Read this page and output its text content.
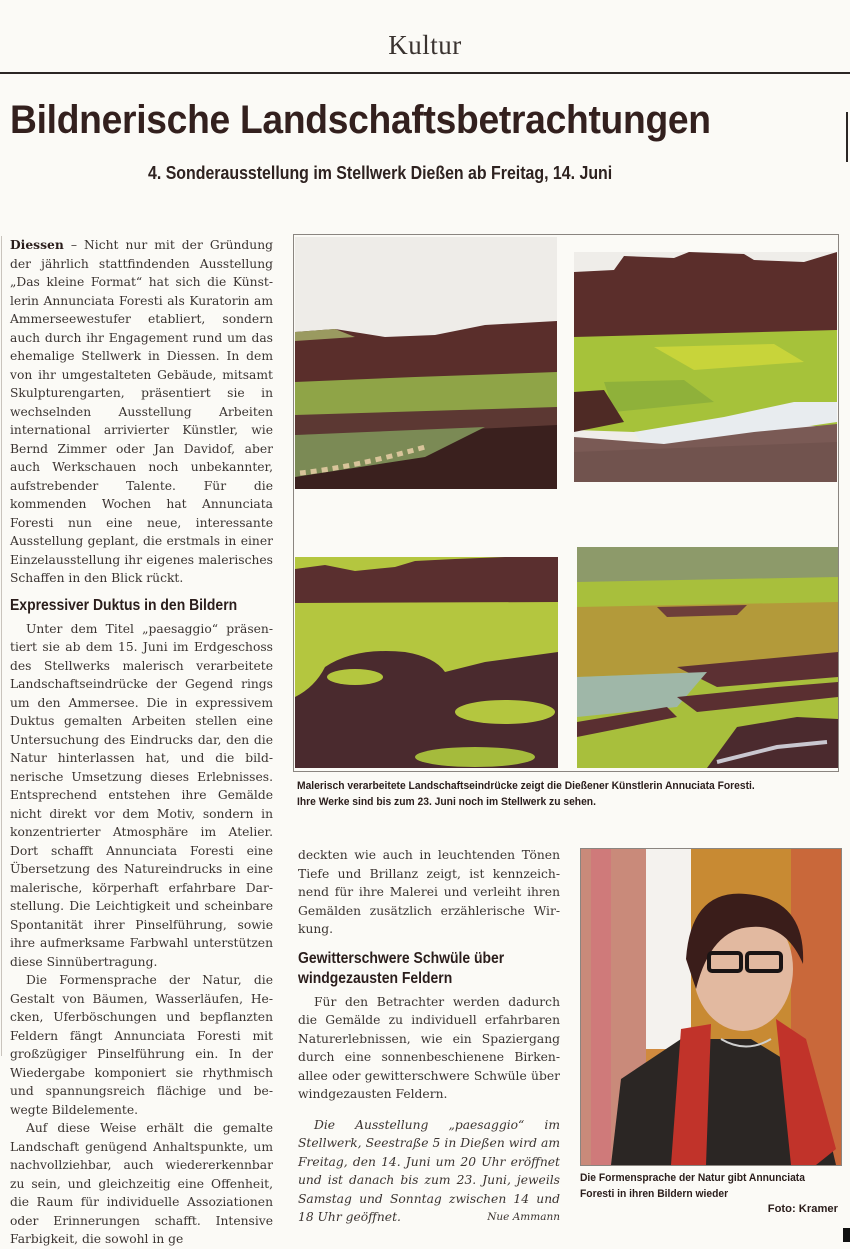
Kultur
Bildnerische Landschaftsbetrachtungen
4. Sonderausstellung im Stellwerk Dießen ab Freitag, 14. Juni

Diessen – Nicht nur mit der Gründung der jährlich stattfindenden Ausstellung „Das kleine Format“ hat sich die Künstlerin Annunciata Foresti als Kuratorin am Ammerseewestufer etabliert, sondern auch durch ihr Engagement rund um das ehemalige Stellwerk in Diessen. In dem von ihr umgestalteten Gebäude, mitsamt Skulpturengarten, präsentiert sie in wechselnden Ausstellung Arbeiten international arrivierter Künstler, wie Bernd Zimmer oder Jan Davidof, aber auch Werkschauen noch unbekannter, aufstrebender Talente. Für die kommenden Wochen hat Annunciata Foresti nun eine neue, interessante Ausstellung geplant, die erstmals in einer Einzelausstellung ihr eigenes malerisches Schaffen in den Blick rückt.

Expressiver Duktus in den Bildern

Unter dem Titel „paesaggio“ präsentiert sie ab dem 15. Juni im Erdgeschoss des Stellwerks malerisch verarbeitete Landschaftseindrücke der Gegend rings um den Ammersee. Die in expressivem Duktus gemalten Arbeiten stellen eine Untersuchung des Eindrucks dar, den die Natur hinterlassen hat, und die bildnerische Umsetzung dieses Erlebnisses. Entsprechend entstehen ihre Gemälde nicht direkt vor dem Motiv, sondern in konzentrierter Atmosphäre im Atelier. Dort schafft Annunciata Foresti eine Übersetzung des Natureindrucks in eine malerische, körperhaft erfahrbare Darstellung. Die Leichtigkeit und scheinbare Spontanität ihrer Pinselführung, sowie ihre aufmerksame Farbwahl unterstützen diese Sinnübertragung.

Die Formensprache der Natur, die Gestalt von Bäumen, Wasserläufen, Hecken, Uferböschungen und bepflanzten Feldern fängt Annunciata Foresti mit großzügiger Pinselführung ein. In der Wiedergabe komponiert sie rhythmisch und spannungsreich flächige und bewegte Bildelemente.

Auf diese Weise erhält die gemalte Landschaft genügend Anhaltspunkte, um nachvollziehbar, auch wiedererkennbar zu sein, und gleichzeitig eine Offenheit, die Raum für individuelle Assoziationen oder Erinnerungen schafft. Intensive Farbigkeit, die sowohl in ge

Malerisch verarbeitete Landschaftseindrücke zeigt die Dießener Künstlerin Annuciata Foresti.
Ihre Werke sind bis zum 23. Juni noch im Stellwerk zu sehen.

deckten wie auch in leuchtenden Tönen Tiefe und Brillanz zeigt, ist kennzeichnend für ihre Malerei und verleiht ihren Gemälden zusätzlich erzählerische Wirkung.

Gewitterschwere Schwüle über
windgezausten Feldern

Für den Betrachter werden dadurch die Gemälde zu individuell erfahrbaren Naturerlebnissen, wie ein Spaziergang durch eine sonnenbeschienene Birkenallee oder gewitterschwere Schwüle über windgezausten Feldern.

Die Ausstellung „paesaggio“ im Stellwerk, Seestraße 5 in Dießen wird am Freitag, den 14. Juni um 20 Uhr eröffnet und ist danach bis zum 23. Juni, jeweils Samstag und Sonntag zwischen 14 und 18 Uhr geöffnet.	Nue Ammann

Die Formensprache der Natur gibt Annunciata Foresti in ihren Bildern wieder
Foto: Kramer
